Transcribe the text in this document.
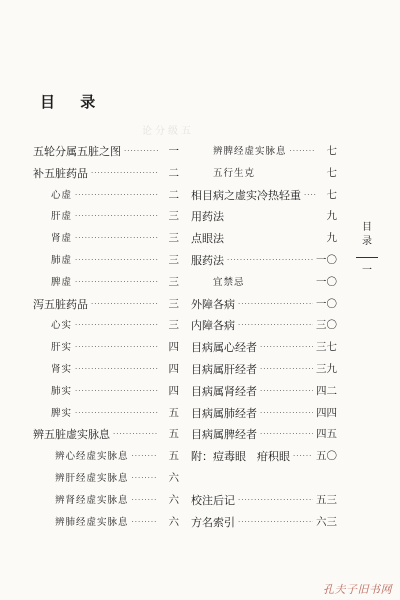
目 录
论分级五
五轮分属五脏之图 ·····	一
补五脏药品 ·····	二
心虚 ·····	二
肝虚 ·····	三
肾虚 ·····	三
肺虚 ·····	三
脾虚 ·····	三
泻五脏药品 ·····	三
心实 ·····	三
肝实 ·····	四
肾实 ·····	四
肺实 ·····	四
脾实 ·····	五
辨五脏虚实脉息 ·····	五
辨心经虚实脉息 ·····	五
辨肝经虚实脉息 ·····	六
辨肾经虚实脉息 ·····	六
辨肺经虚实脉息 ·····	六
辨脾经虚实脉息 ·····	七
五行生克	七
相目病之虚实冷热轻重 ·····	七
用药法	九
点眼法	九
服药法 ·····	一〇
宜禁忌	一〇
外障各病 ·····	一〇
内障各病 ·····	三〇
目病属心经者 ·····	三七
目病属肝经者 ·····	三九
目病属肾经者 ·····	四二
目病属肺经者 ·····	四四
目病属脾经者 ·····	四五
附：痘毒眼　疳积眼 ····· 五〇
校注后记 ·····	五三
方名索引 ·····	六三
目
录
一
孔夫子旧书网
